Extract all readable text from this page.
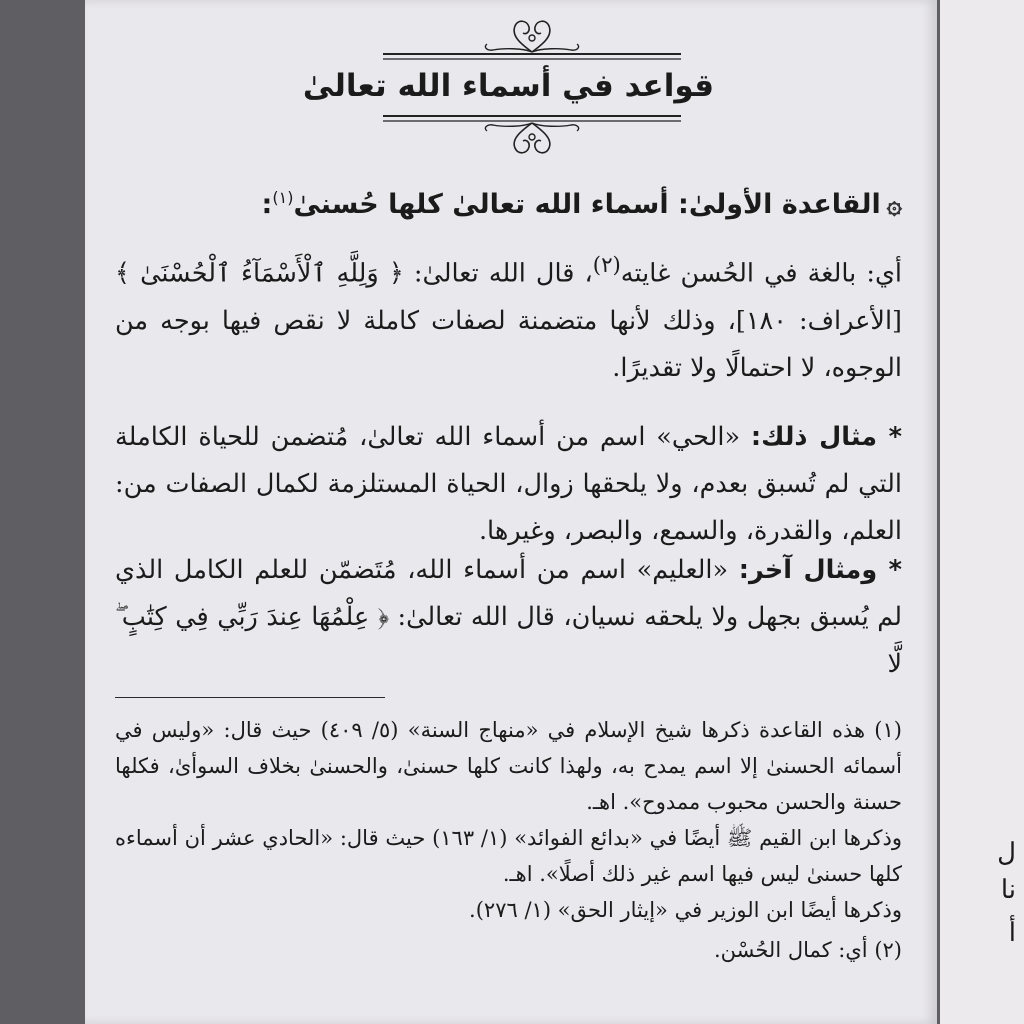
قواعد في أسماء الله تعالىٰ
۞القاعدة الأولىٰ: أسماء الله تعالىٰ كلها حُسنىٰ$^{(١)}$:
أي: بالغة في الحُسن غايته$^{(٢)}$، قال الله تعالىٰ: ﴿ وَلِلَّهِ ٱلْأَسْمَآءُ ٱلْحُسْنَىٰ ﴾ [الأعراف: ١٨٠]، وذلك لأنها متضمنة لصفات كاملة لا نقص فيها بوجه من الوجوه، لا احتمالًا ولا تقديرًا.
* مثال ذلك: «الحي» اسم من أسماء الله تعالىٰ، مُتضمن للحياة الكاملة التي لم تُسبق بعدم، ولا يلحقها زوال، الحياة المستلزمة لكمال الصفات من: العلم، والقدرة، والسمع، والبصر، وغيرها.
* ومثال آخر: «العليم» اسم من أسماء الله، مُتَضمّن للعلم الكامل الذي لم يُسبق بجهل ولا يلحقه نسيان، قال الله تعالىٰ: ﴿ عِلْمُهَا عِندَ رَبِّي فِي كِتَٰبٍ ۖ لَّا
(١) هذه القاعدة ذكرها شيخ الإسلام في «منهاج السنة» (٥/ ٤٠٩) حيث قال: «وليس في أسمائه الحسنىٰ إلا اسم يمدح به، ولهذا كانت كلها حسنىٰ، والحسنىٰ بخلاف السوأىٰ، فكلها حسنة والحسن محبوب ممدوح». اهـ.
وذكرها ابن القيم ﷺ أيضًا في «بدائع الفوائد» (١/ ١٦٣) حيث قال: «الحادي عشر أن أسماءه كلها حسنىٰ ليس فيها اسم غير ذلك أصلًا». اهـ.
وذكرها أيضًا ابن الوزير في «إيثار الحق» (١/ ٢٧٦).
(٢) أي: كمال الحُسْن.
ل
نا
أ
